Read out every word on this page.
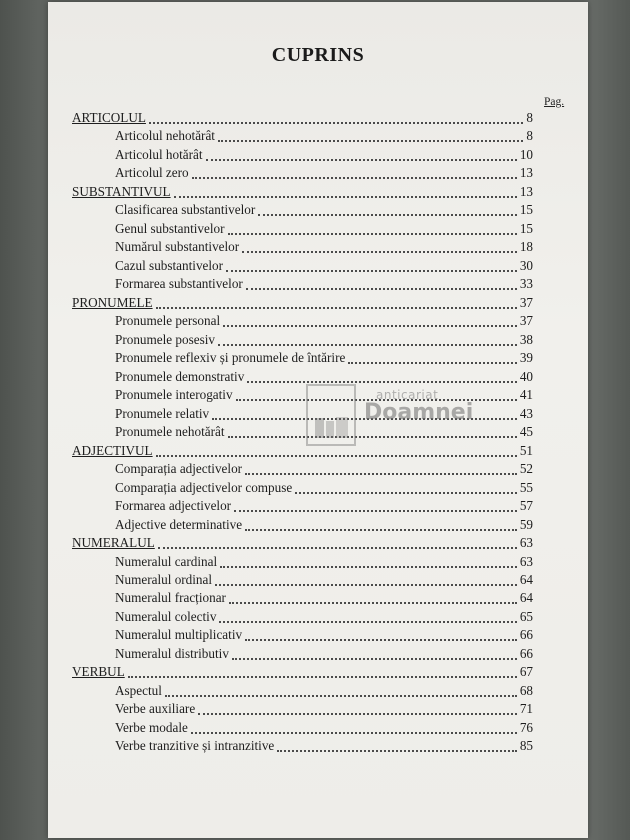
CUPRINS
Pag.
ARTICOLUL	8
Articolul nehotărât	8
Articolul hotărât	10
Articolul zero	13
SUBSTANTIVUL	13
Clasificarea substantivelor	15
Genul substantivelor	15
Numărul substantivelor	18
Cazul substantivelor	30
Formarea substantivelor	33
PRONUMELE	37
Pronumele personal	37
Pronumele posesiv	38
Pronumele reflexiv și pronumele de întărire	39
Pronumele demonstrativ	40
Pronumele interogativ	41
Pronumele relativ	43
Pronumele nehotărât	45
ADJECTIVUL	51
Comparația adjectivelor	52
Comparația adjectivelor compuse	55
Formarea adjectivelor	57
Adjective determinative	59
NUMERALUL	63
Numeralul cardinal	63
Numeralul ordinal	64
Numeralul fracționar	64
Numeralul colectiv	65
Numeralul multiplicativ	66
Numeralul distributiv	66
VERBUL	67
Aspectul	68
Verbe auxiliare	71
Verbe modale	76
Verbe tranzitive și intranzitive	85
anticariat
Doamnei
